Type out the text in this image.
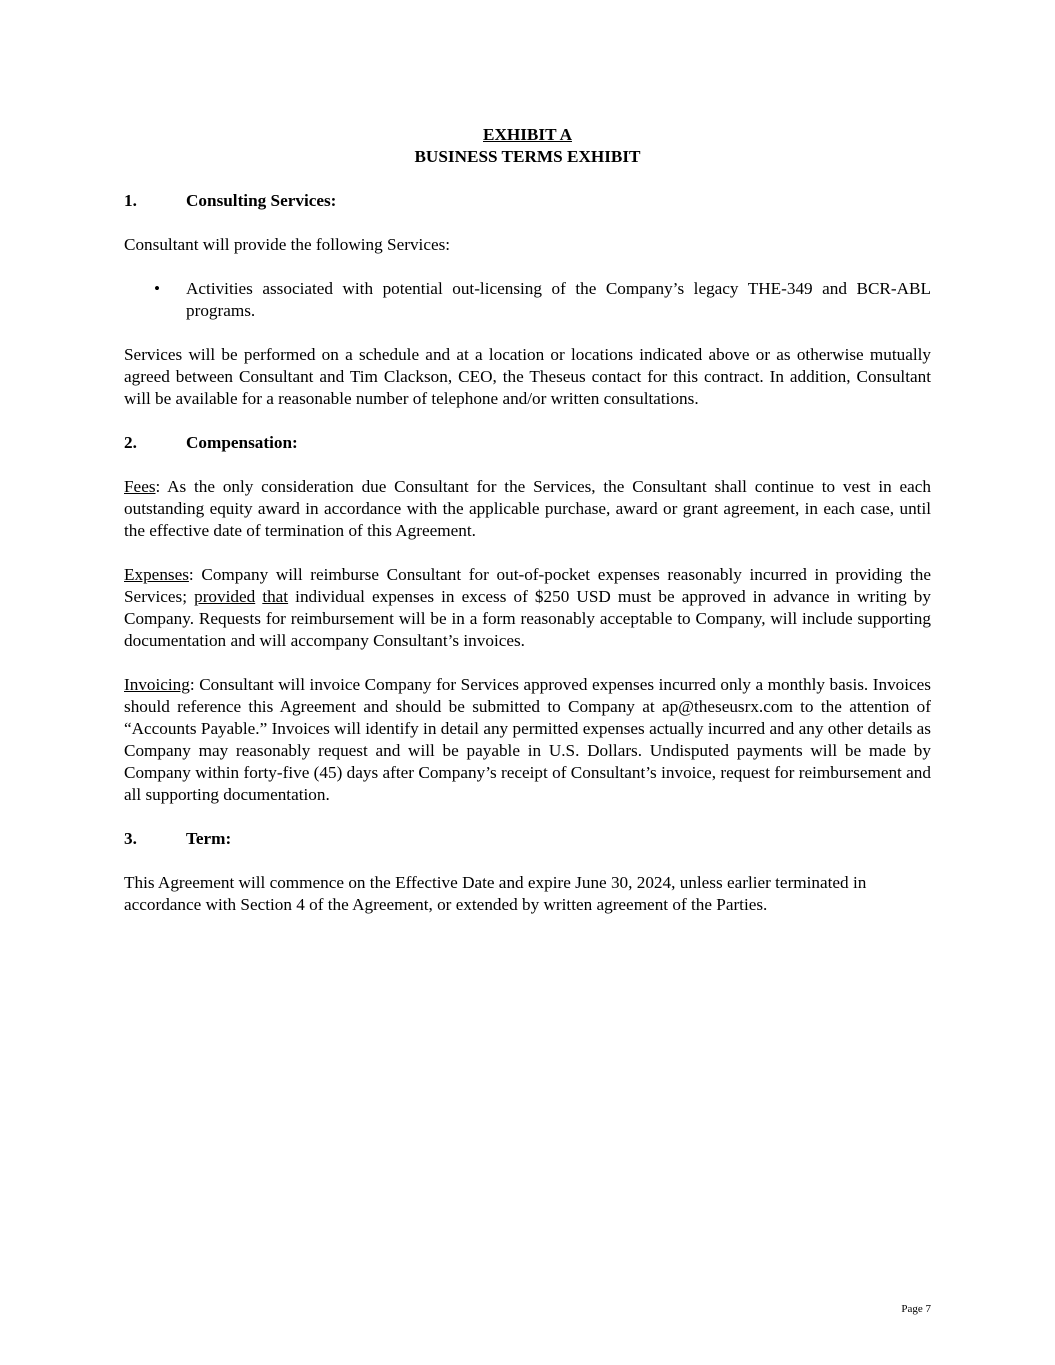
EXHIBIT A
BUSINESS TERMS EXHIBIT
1.	Consulting Services:

Consultant will provide the following Services:

•	Activities associated with potential out-licensing of the Company’s legacy THE-349 and BCR-ABL programs.

Services will be performed on a schedule and at a location or locations indicated above or as otherwise mutually agreed between Consultant and Tim Clackson, CEO, the Theseus contact for this contract. In addition, Consultant will be available for a reasonable number of telephone and/or written consultations.

2.	Compensation:

Fees: As the only consideration due Consultant for the Services, the Consultant shall continue to vest in each outstanding equity award in accordance with the applicable purchase, award or grant agreement, in each case, until the effective date of termination of this Agreement.

Expenses: Company will reimburse Consultant for out-of-pocket expenses reasonably incurred in providing the Services; provided that individual expenses in excess of $250 USD must be approved in advance in writing by Company. Requests for reimbursement will be in a form reasonably acceptable to Company, will include supporting documentation and will accompany Consultant’s invoices.

Invoicing: Consultant will invoice Company for Services approved expenses incurred only a monthly basis. Invoices should reference this Agreement and should be submitted to Company at ap@theseusrx.com to the attention of “Accounts Payable.” Invoices will identify in detail any permitted expenses actually incurred and any other details as Company may reasonably request and will be payable in U.S. Dollars. Undisputed payments will be made by Company within forty-five (45) days after Company’s receipt of Consultant’s invoice, request for reimbursement and all supporting documentation.

3.	Term:

This Agreement will commence on the Effective Date and expire June 30, 2024, unless earlier terminated in accordance with Section 4 of the Agreement, or extended by written agreement of the Parties.

Page 7
